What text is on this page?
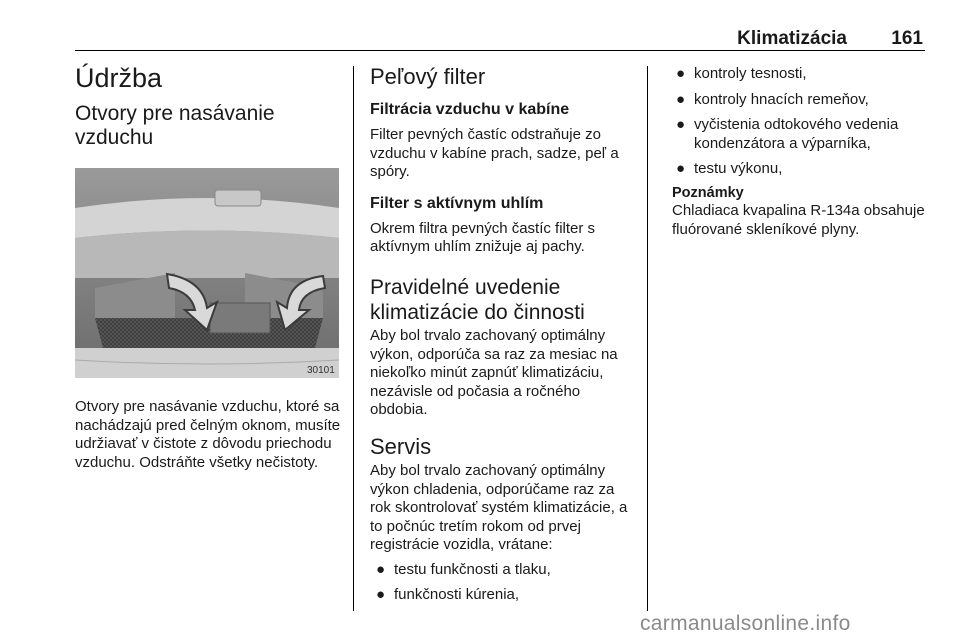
Klimatizácia 161
Údržba
Otvory pre nasávanie vzduchu
30101

Otvory pre nasávanie vzduchu, ktoré sa nachádzajú pred čelným oknom, musíte udržiavať v čistote z dôvodu priechodu vzduchu. Odstráňte všetky nečistoty.

Peľový filter
Filtrácia vzduchu v kabíne

Filter pevných častíc odstraňuje zo vzduchu v kabíne prach, sadze, peľ a spóry.

Filter s aktívnym uhlím

Okrem filtra pevných častíc filter s aktívnym uhlím znižuje aj pachy.

Pravidelné uvedenie klimatizácie do činnosti

Aby bol trvalo zachovaný optimálny výkon, odporúča sa raz za mesiac na niekoľko minút zapnúť klimatizáciu, nezávisle od počasia a ročného obdobia.

Servis

Aby bol trvalo zachovaný optimálny výkon chladenia, odporúčame raz za rok skontrolovať systém klimatizácie, a to počnúc tretím rokom od prvej registrácie vozidla, vrátane:

● testu funkčnosti a tlaku,
● funkčnosti kúrenia,
● kontroly tesnosti,
● kontroly hnacích remeňov,
● vyčistenia odtokového vedenia kondenzátora a výparníka,
● testu výkonu,
Poznámky

Chladiaca kvapalina R-134a obsahuje fluórované skleníkové plyny.

carmanualsonline.info
